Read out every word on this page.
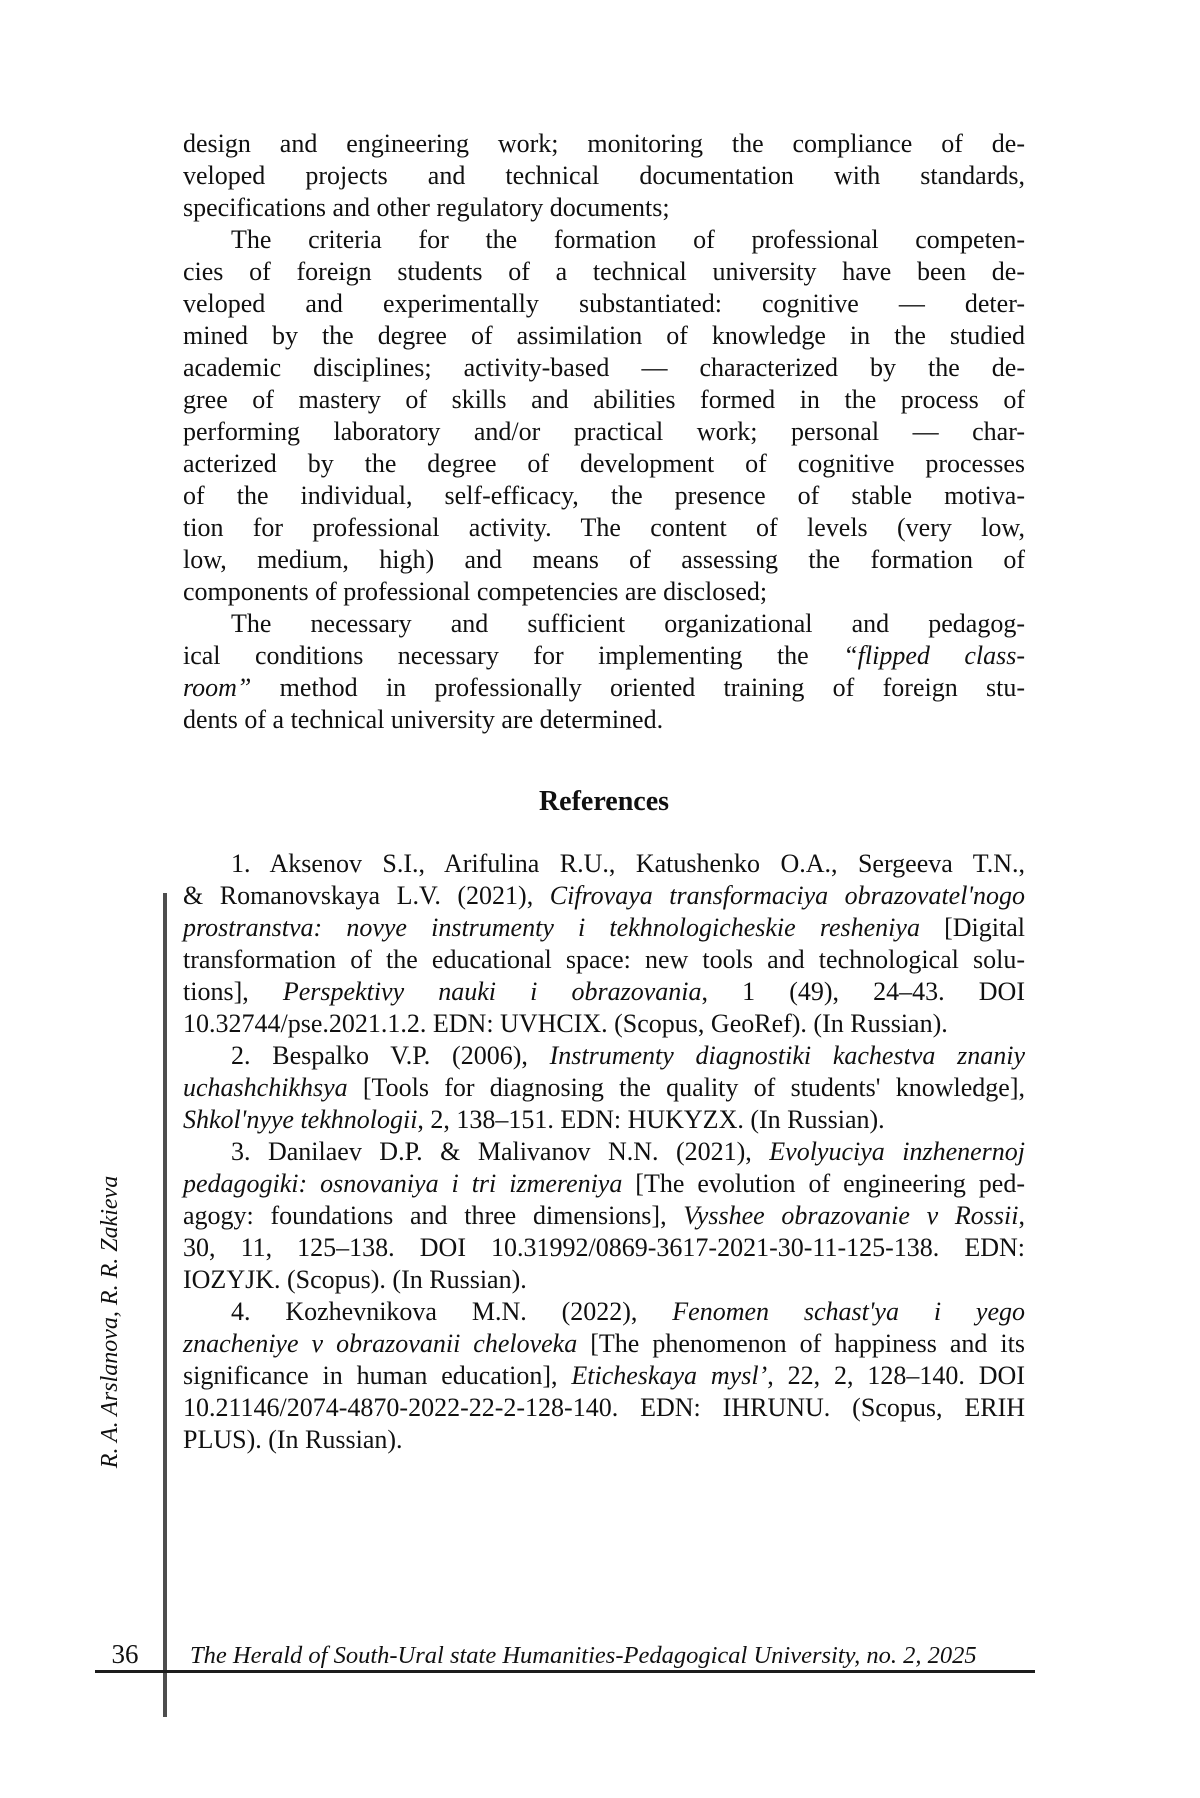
design and engineering work; monitoring the compliance of de-
veloped projects and technical documentation with standards,
specifications and other regulatory documents;
The criteria for the formation of professional competen-
cies of foreign students of a technical university have been de-
veloped and experimentally substantiated: cognitive — deter-
mined by the degree of assimilation of knowledge in the studied
academic disciplines; activity-based — characterized by the de-
gree of mastery of skills and abilities formed in the process of
performing laboratory and/or practical work; personal — char-
acterized by the degree of development of cognitive processes
of the individual, self-efficacy, the presence of stable motiva-
tion for professional activity. The content of levels (very low,
low, medium, high) and means of assessing the formation of
components of professional competencies are disclosed;
The necessary and sufficient organizational and pedagog-
ical conditions necessary for implementing the “flipped class-
room” method in professionally oriented training of foreign stu-
dents of a technical university are determined.
References
1. Aksenov S.I., Arifulina R.U., Katushenko O.A., Sergeeva T.N.,
& Romanovskaya L.V. (2021), Cifrovaya transformaciya obrazovatel'nogo
prostranstva: novye instrumenty i tekhnologicheskie resheniya [Digital
transformation of the educational space: new tools and technological solu-
tions], Perspektivy nauki i obrazovania, 1 (49), 24–43. DOI
10.32744/pse.2021.1.2. EDN: UVHCIX. (Scopus, GeoRef). (In Russian).
2. Bespalko V.P. (2006), Instrumenty diagnostiki kachestva znaniy
uchashchikhsya [Tools for diagnosing the quality of students' knowledge],
Shkol'nyye tekhnologii, 2, 138–151. EDN: HUKYZX. (In Russian).
3. Danilaev D.P. & Malivanov N.N. (2021), Evolyuciya inzhenernoj
pedagogiki: osnovaniya i tri izmereniya [The evolution of engineering ped-
agogy: foundations and three dimensions], Vysshee obrazovanie v Rossii,
30, 11, 125–138. DOI 10.31992/0869-3617-2021-30-11-125-138. EDN:
IOZYJK. (Scopus). (In Russian).
4. Kozhevnikova M.N. (2022), Fenomen schast'ya i yego
znacheniye v obrazovanii cheloveka [The phenomenon of happiness and its
significance in human education], Eticheskaya mysl’, 22, 2, 128–140. DOI
10.21146/2074-4870-2022-22-2-128-140. EDN: IHRUNU. (Scopus, ERIH
PLUS). (In Russian).
R. A. Arslanova, R. R. Zakieva
36	The Herald of South-Ural state Humanities-Pedagogical University, no. 2, 2025
